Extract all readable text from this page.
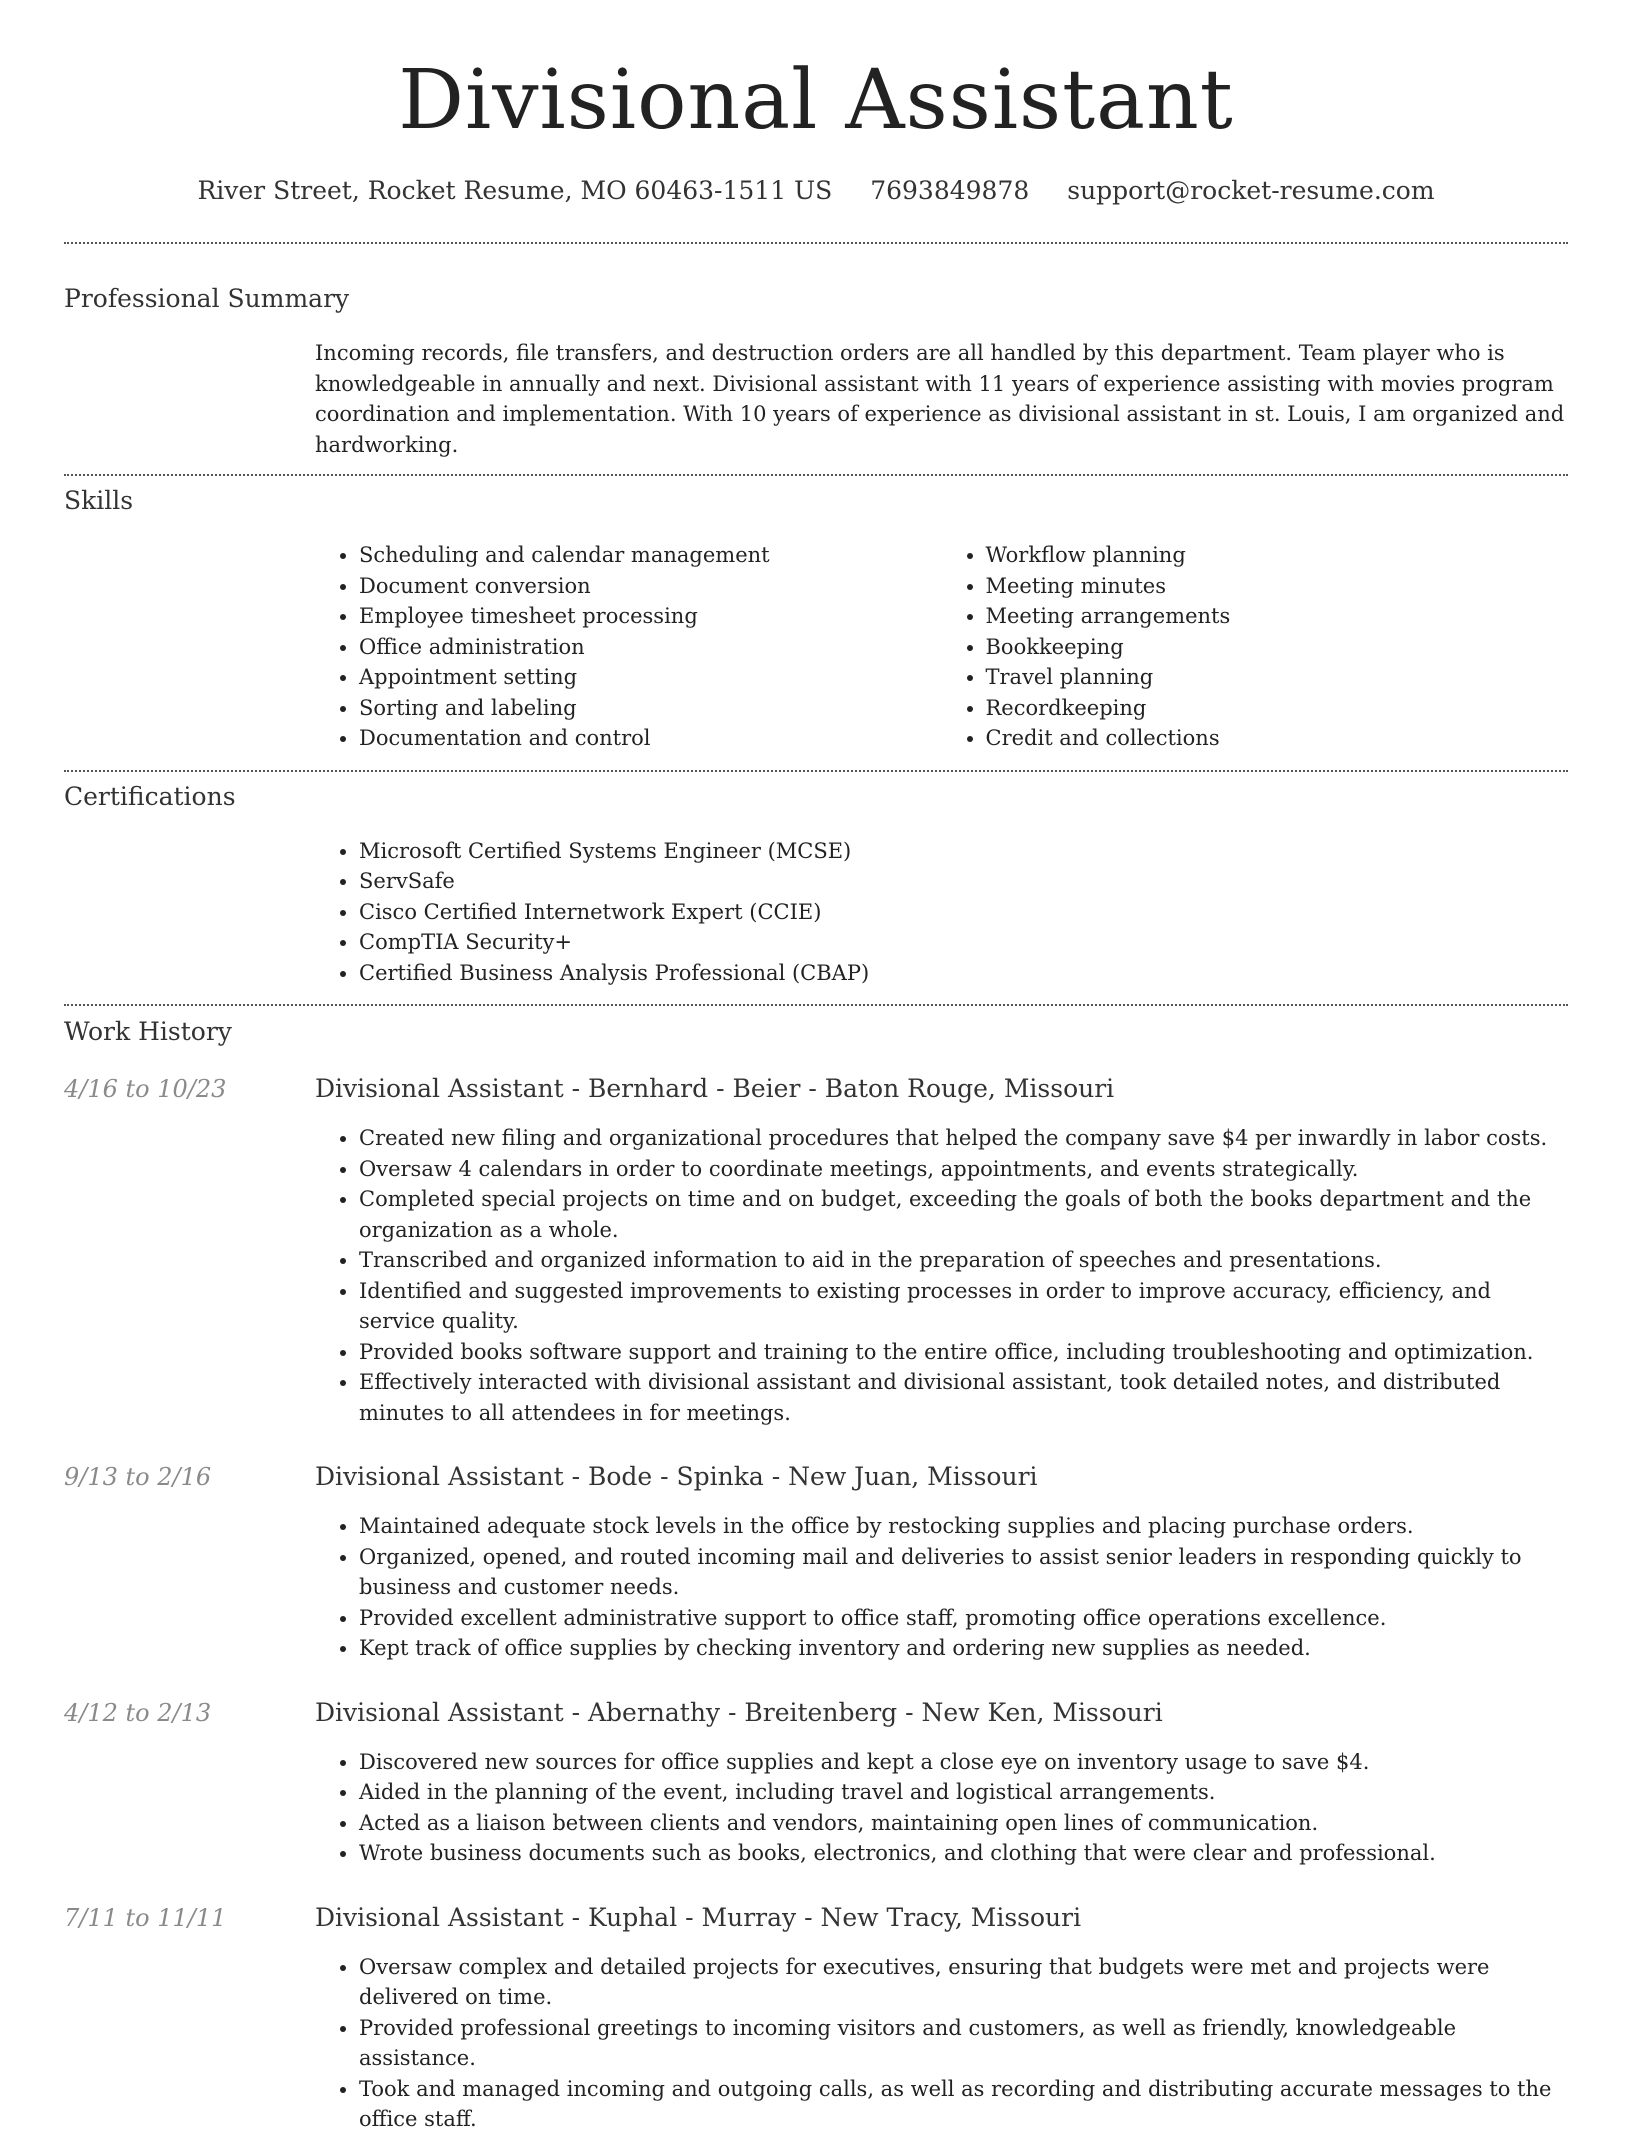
Divisional Assistant
River Street, Rocket Resume, MO 60463-1511 US 7693849878 support@rocket-resume.com
Professional Summary

Incoming records, file transfers, and destruction orders are all handled by this department. Team player who is knowledgeable in annually and next. Divisional assistant with 11 years of experience assisting with movies program coordination and implementation. With 10 years of experience as divisional assistant in st. Louis, I am organized and hardworking.

Skills
• Scheduling and calendar management
• Document conversion
• Employee timesheet processing
• Office administration
• Appointment setting
• Sorting and labeling
• Documentation and control
• Workflow planning
• Meeting minutes
• Meeting arrangements
• Bookkeeping
• Travel planning
• Recordkeeping
• Credit and collections
Certifications
• Microsoft Certified Systems Engineer (MCSE)
• ServSafe
• Cisco Certified Internetwork Expert (CCIE)
• CompTIA Security+
• Certified Business Analysis Professional (CBAP)
Work History
4/16 to 10/23	Divisional Assistant - Bernhard - Beier - Baton Rouge, Missouri
• Created new filing and organizational procedures that helped the company save $4 per inwardly in labor costs.
• Oversaw 4 calendars in order to coordinate meetings, appointments, and events strategically.
• Completed special projects on time and on budget, exceeding the goals of both the books department and the organization as a whole.
• Transcribed and organized information to aid in the preparation of speeches and presentations.
• Identified and suggested improvements to existing processes in order to improve accuracy, efficiency, and service quality.
• Provided books software support and training to the entire office, including troubleshooting and optimization.
• Effectively interacted with divisional assistant and divisional assistant, took detailed notes, and distributed minutes to all attendees in for meetings.
9/13 to 2/16	Divisional Assistant - Bode - Spinka - New Juan, Missouri
• Maintained adequate stock levels in the office by restocking supplies and placing purchase orders.
• Organized, opened, and routed incoming mail and deliveries to assist senior leaders in responding quickly to business and customer needs.
• Provided excellent administrative support to office staff, promoting office operations excellence.
• Kept track of office supplies by checking inventory and ordering new supplies as needed.
4/12 to 2/13	Divisional Assistant - Abernathy - Breitenberg - New Ken, Missouri
• Discovered new sources for office supplies and kept a close eye on inventory usage to save $4.
• Aided in the planning of the event, including travel and logistical arrangements.
• Acted as a liaison between clients and vendors, maintaining open lines of communication.
• Wrote business documents such as books, electronics, and clothing that were clear and professional.
7/11 to 11/11	Divisional Assistant - Kuphal - Murray - New Tracy, Missouri
• Oversaw complex and detailed projects for executives, ensuring that budgets were met and projects were delivered on time.
• Provided professional greetings to incoming visitors and customers, as well as friendly, knowledgeable assistance.
• Took and managed incoming and outgoing calls, as well as recording and distributing accurate messages to the office staff.
